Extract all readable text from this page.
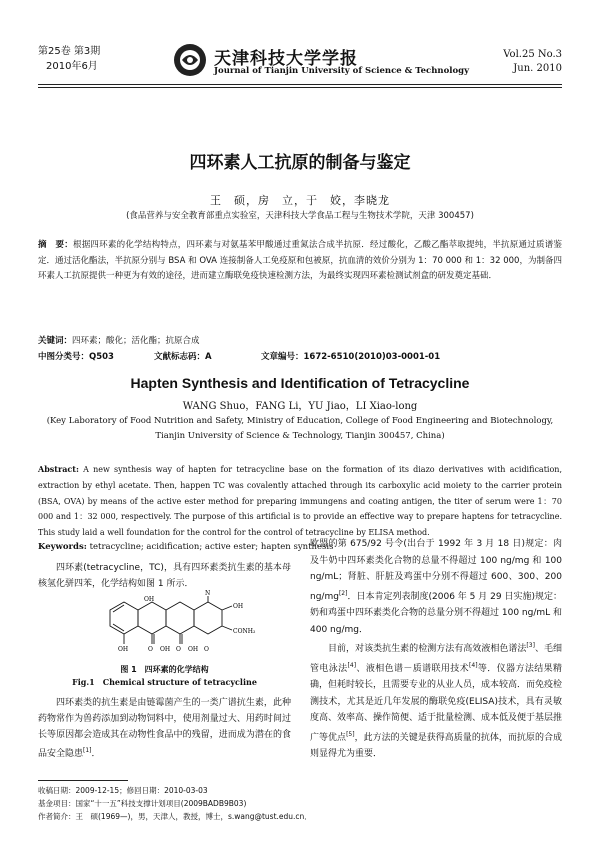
第25卷 第3期
2010年6月	天津科技大学学报
Journal of Tianjin University of Science & Technology
Vol.25 No.3
Jun. 2010
四环素人工抗原的制备与鉴定
王　硕，房　立，于　姣，李晓龙
(食品营养与安全教育部重点实验室，天津科技大学食品工程与生物技术学院，天津 300457)
摘　要：根据四环素的化学结构特点，四环素与对氨基苯甲酸通过重氮法合成半抗原．经过酸化，乙酸乙酯萃取提纯，半抗原通过质谱鉴定．通过活化酯法，半抗原分别与 BSA 和 OVA 连接制备人工免疫原和包被原，抗血清的效价分别为 1：70 000 和 1：32 000，为制备四环素人工抗原提供一种更为有效的途径，进而建立酶联免疫快速检测方法，为最终实现四环素检测试剂盒的研发奠定基础．
关键词：四环素；酸化；活化酯；抗原合成
中图分类号：Q503	文献标志码：A	文章编号：1672-6510(2010)03-0001-01
Hapten Synthesis and Identification of Tetracycline
WANG Shuo，FANG Li，YU Jiao，LI Xiao-long
(Key Laboratory of Food Nutrition and Safety, Ministry of Education, College of Food Engineering and Biotechnology,
Tianjin University of Science & Technology, Tianjin 300457, China)
Abstract: A new synthesis way of hapten for tetracycline base on the formation of its diazo derivatives with acidification, extraction by ethyl acetate. Then, happen TC was covalently attached through its carboxylic acid moiety to the carrier protein (BSA, OVA) by means of the active ester method for preparing immungens and coating antigen, the titer of serum were 1：70 000 and 1：32 000, respectively. The purpose of this artificial is to provide an effective way to prepare haptens for tetracycline. This study laid a well foundation for the control for the control of tetracycline by ELISA method.
Keywords: tetracycline; acidification; active ester; hapten synthesis
四环素(tetracycline，TC)，具有四环素类抗生素的基本母核氢化骈四苯，化学结构如图 1 所示．
OH
N
OH
CONH₂
OH	O OH O OH O
图 1　四环素的化学结构
Fig.1　Chemical structure of tetracycline
四环素类的抗生素是由链霉菌产生的一类广谱抗生素，此种药物常作为兽药添加到动物饲料中，使用剂量过大、用药时间过长等原因都会造成其在动物性食品中的残留，进而成为潜在的食品安全隐患[1]．
欧盟的第 675/92 号令(出台于 1992 年 3 月 18 日)规定：肉及牛奶中四环素类化合物的总量不得超过 100 ng/mg 和 100 ng/mL；肾脏、肝脏及鸡蛋中分别不得超过 600、300、200 ng/mg[2]．日本肯定列表制度(2006 年 5 月 29 日实施)规定：奶和鸡蛋中四环素类化合物的总量分别不得超过 100 ng/mL 和 400 ng/mg．
目前，对该类抗生素的检测方法有高效液相色谱法[3]、毛细管电泳法[4]、液相色谱－质谱联用技术[4]等．仪器方法结果精确，但耗时较长，且需要专业的从业人员，成本较高．而免疫检测技术，尤其是近几年发展的酶联免疫(ELISA)技术，具有灵敏度高、效率高、操作简便、适于批量检测、成本低及便于基层推广等优点[5]，此方法的关键是获得高质量的抗体，而抗原的合成则显得尤为重要．
收稿日期：2009-12-15；修回日期：2010-03-03
基金项目：国家“十一五”科技支撑计划项目(2009BADB9B03)
作者简介：王　硕(1969—)，男，天津人，教授，博士，s.wang@tust.edu.cn．
